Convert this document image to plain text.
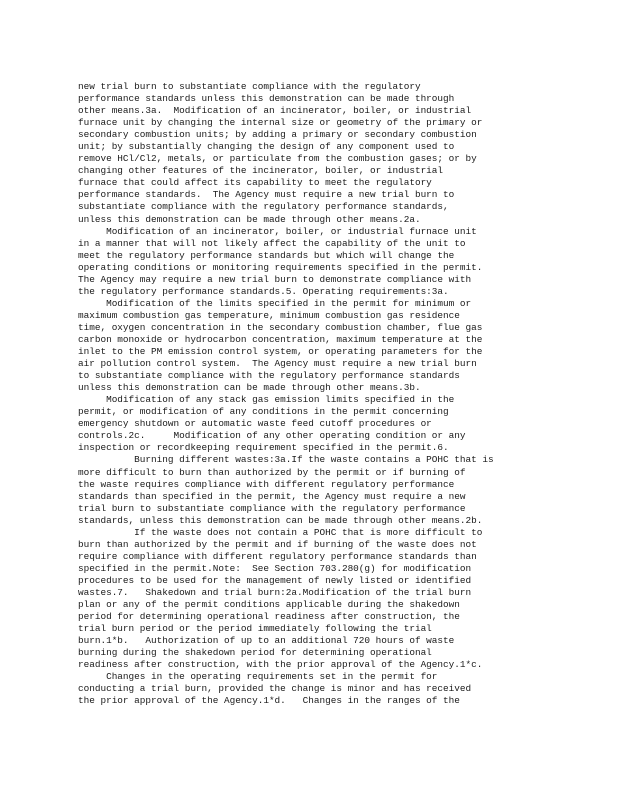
new trial burn to substantiate compliance with the regulatory
performance standards unless this demonstration can be made through
other means.3a.  Modification of an incinerator, boiler, or industrial
furnace unit by changing the internal size or geometry of the primary or
secondary combustion units; by adding a primary or secondary combustion
unit; by substantially changing the design of any component used to
remove HCl/Cl2, metals, or particulate from the combustion gases; or by
changing other features of the incinerator, boiler, or industrial
furnace that could affect its capability to meet the regulatory
performance standards.  The Agency must require a new trial burn to
substantiate compliance with the regulatory performance standards,
unless this demonstration can be made through other means.2a.
Modification of an incinerator, boiler, or industrial furnace unit
in a manner that will not likely affect the capability of the unit to
meet the regulatory performance standards but which will change the
operating conditions or monitoring requirements specified in the permit.
The Agency may require a new trial burn to demonstrate compliance with
the regulatory performance standards.5. Operating requirements:3a.
Modification of the limits specified in the permit for minimum or
maximum combustion gas temperature, minimum combustion gas residence
time, oxygen concentration in the secondary combustion chamber, flue gas
carbon monoxide or hydrocarbon concentration, maximum temperature at the
inlet to the PM emission control system, or operating parameters for the
air pollution control system.  The Agency must require a new trial burn
to substantiate compliance with the regulatory performance standards
unless this demonstration can be made through other means.3b.
Modification of any stack gas emission limits specified in the
permit, or modification of any conditions in the permit concerning
emergency shutdown or automatic waste feed cutoff procedures or
controls.2c.     Modification of any other operating condition or any
inspection or recordkeeping requirement specified in the permit.6.
Burning different wastes:3a.If the waste contains a POHC that is
more difficult to burn than authorized by the permit or if burning of
the waste requires compliance with different regulatory performance
standards than specified in the permit, the Agency must require a new
trial burn to substantiate compliance with the regulatory performance
standards, unless this demonstration can be made through other means.2b.
If the waste does not contain a POHC that is more difficult to
burn than authorized by the permit and if burning of the waste does not
require compliance with different regulatory performance standards than
specified in the permit.Note:  See Section 703.280(g) for modification
procedures to be used for the management of newly listed or identified
wastes.7.   Shakedown and trial burn:2a.Modification of the trial burn
plan or any of the permit conditions applicable during the shakedown
period for determining operational readiness after construction, the
trial burn period or the period immediately following the trial
burn.1*b.   Authorization of up to an additional 720 hours of waste
burning during the shakedown period for determining operational
readiness after construction, with the prior approval of the Agency.1*c.
Changes in the operating requirements set in the permit for
conducting a trial burn, provided the change is minor and has received
the prior approval of the Agency.1*d.   Changes in the ranges of the
